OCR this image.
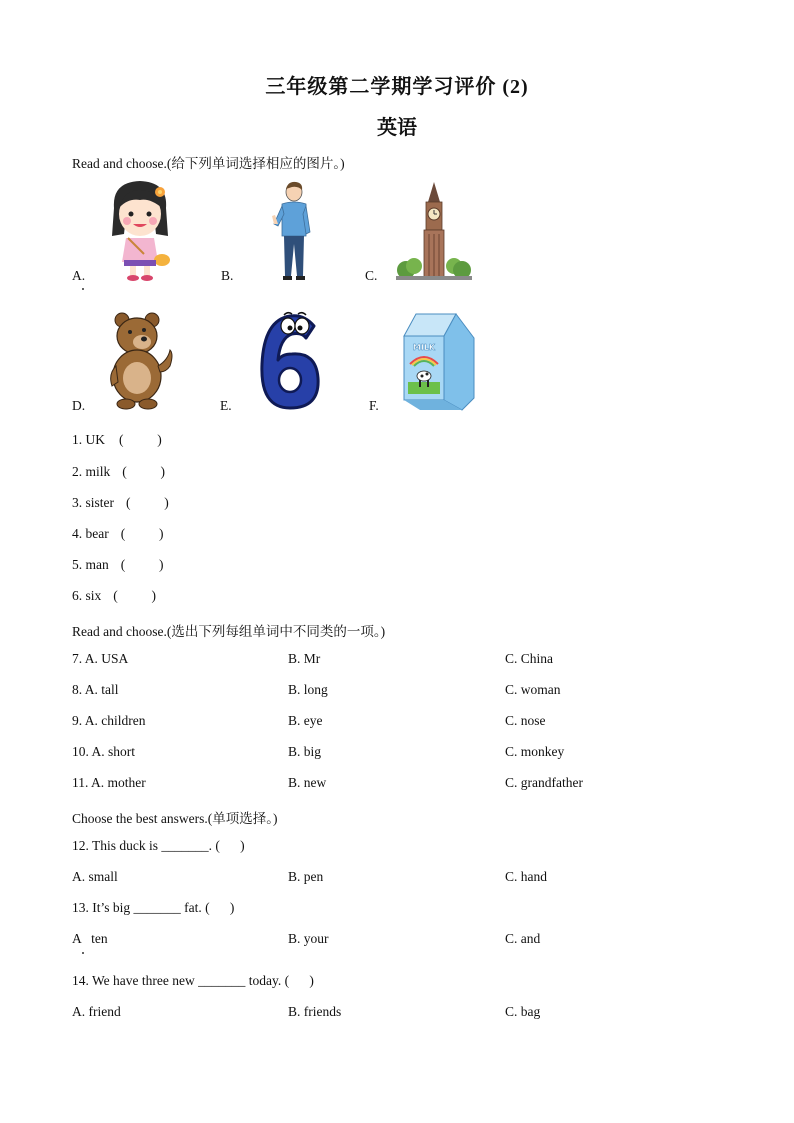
三年级第二学期学习评价 (2)
英语
Read and choose.(给下列单词选择相应的图片。)
A.	B.	C.
D.	E.	F.
MILK
1. UK (          )
2. milk (          )
3. sister (          )
4. bear (          )
5. man (          )
6. six (          )
Read and choose.(选出下列每组单词中不同类的一项。)
7. A. USA	B. Mr	C. China
8. A. tall	B. long	C. woman
9. A. children	B. eye	C. nose
10. A. short	B. big	C. monkey
11. A. mother	B. new	C. grandfather
Choose the best answers.(单项选择。)
12. This duck is _______. (      )
A. small	B. pen	C. hand
13. It’s big _______ fat. (      )
A   ten	B. your	C. and
14. We have three new _______ today. (      )
A. friend	B. friends	C. bag
